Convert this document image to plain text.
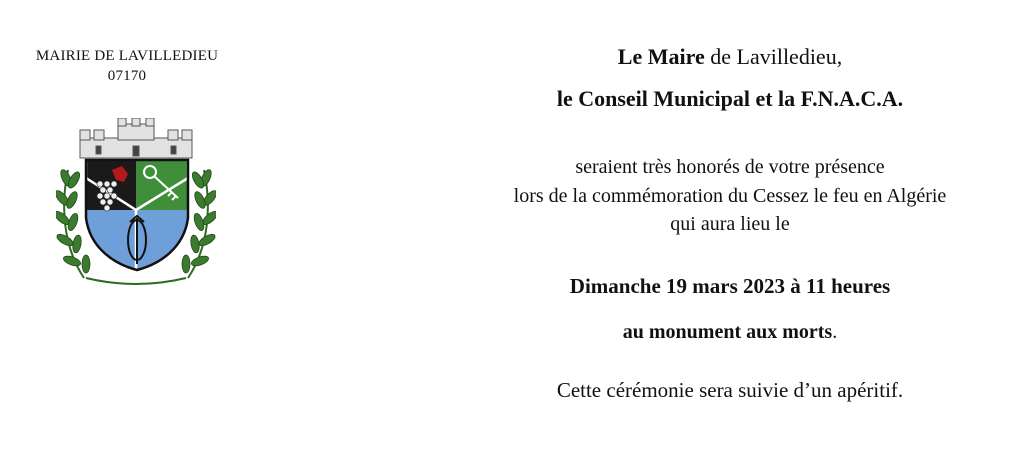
MAIRIE DE LAVILLEDIEU
07170
Le Maire de Lavilledieu,
le Conseil Municipal et la F.N.A.C.A.
seraient très honorés de votre présence
lors de la commémoration du Cessez le feu en Algérie
qui aura lieu le
Dimanche 19 mars 2023 à 11 heures
au monument aux morts.
Cette cérémonie sera suivie d’un apéritif.
